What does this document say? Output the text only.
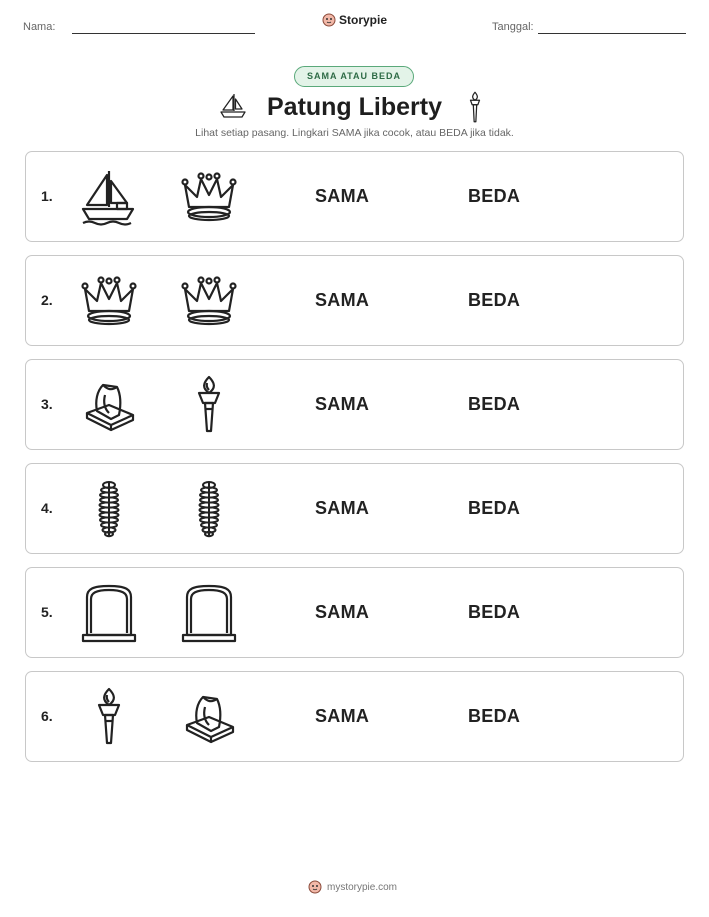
Nama:	Storypie	Tanggal:
SAMA ATAU BEDA
Patung Liberty
Lihat setiap pasang. Lingkari SAMA jika cocok, atau BEDA jika tidak.
1.	SAMA	BEDA
2.	SAMA	BEDA
3.	SAMA	BEDA
4.	SAMA	BEDA
5.	SAMA	BEDA
6.	SAMA	BEDA
mystorypie.com
